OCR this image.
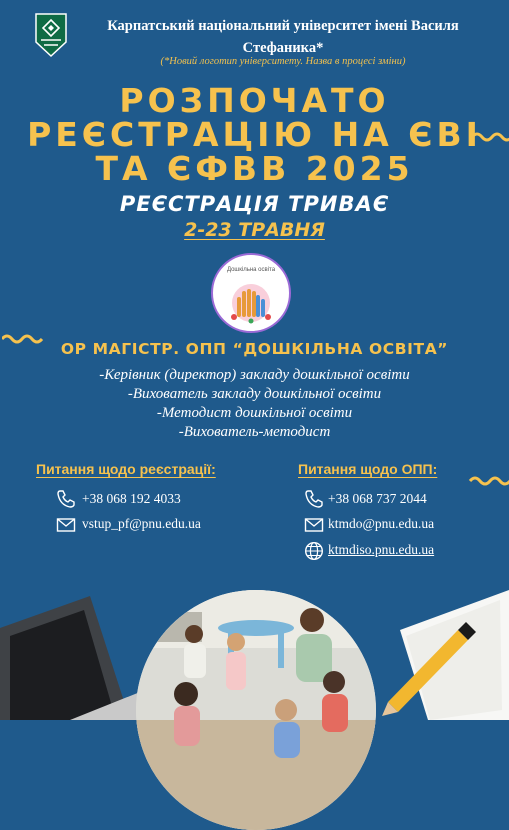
Карпатський національний університет імені Василя Стефаника*
(*Новий логотип університету. Назва в процесі зміни)
РОЗПОЧАТО
РЕЄСТРАЦІЮ НА ЄВІ
ТА ЄФВВ 2025
РЕЄСТРАЦІЯ ТРИВАЄ
2-23 ТРАВНЯ
Дошкільна освіта
ОР МАГІСТР. ОПП “ДОШКІЛЬНА ОСВІТА”
-Керівник (директор) закладу дошкільної освіти
-Вихователь закладу дошкільної освіти
-Методист дошкільної освіти
-Вихователь-методист
Питання щодо реєстрації:
+38 068 192 4033
vstup_pf@pnu.edu.ua
Питання щодо ОПП:
+38 068 737 2044
ktmdo@pnu.edu.ua
ktmdiso.pnu.edu.ua
